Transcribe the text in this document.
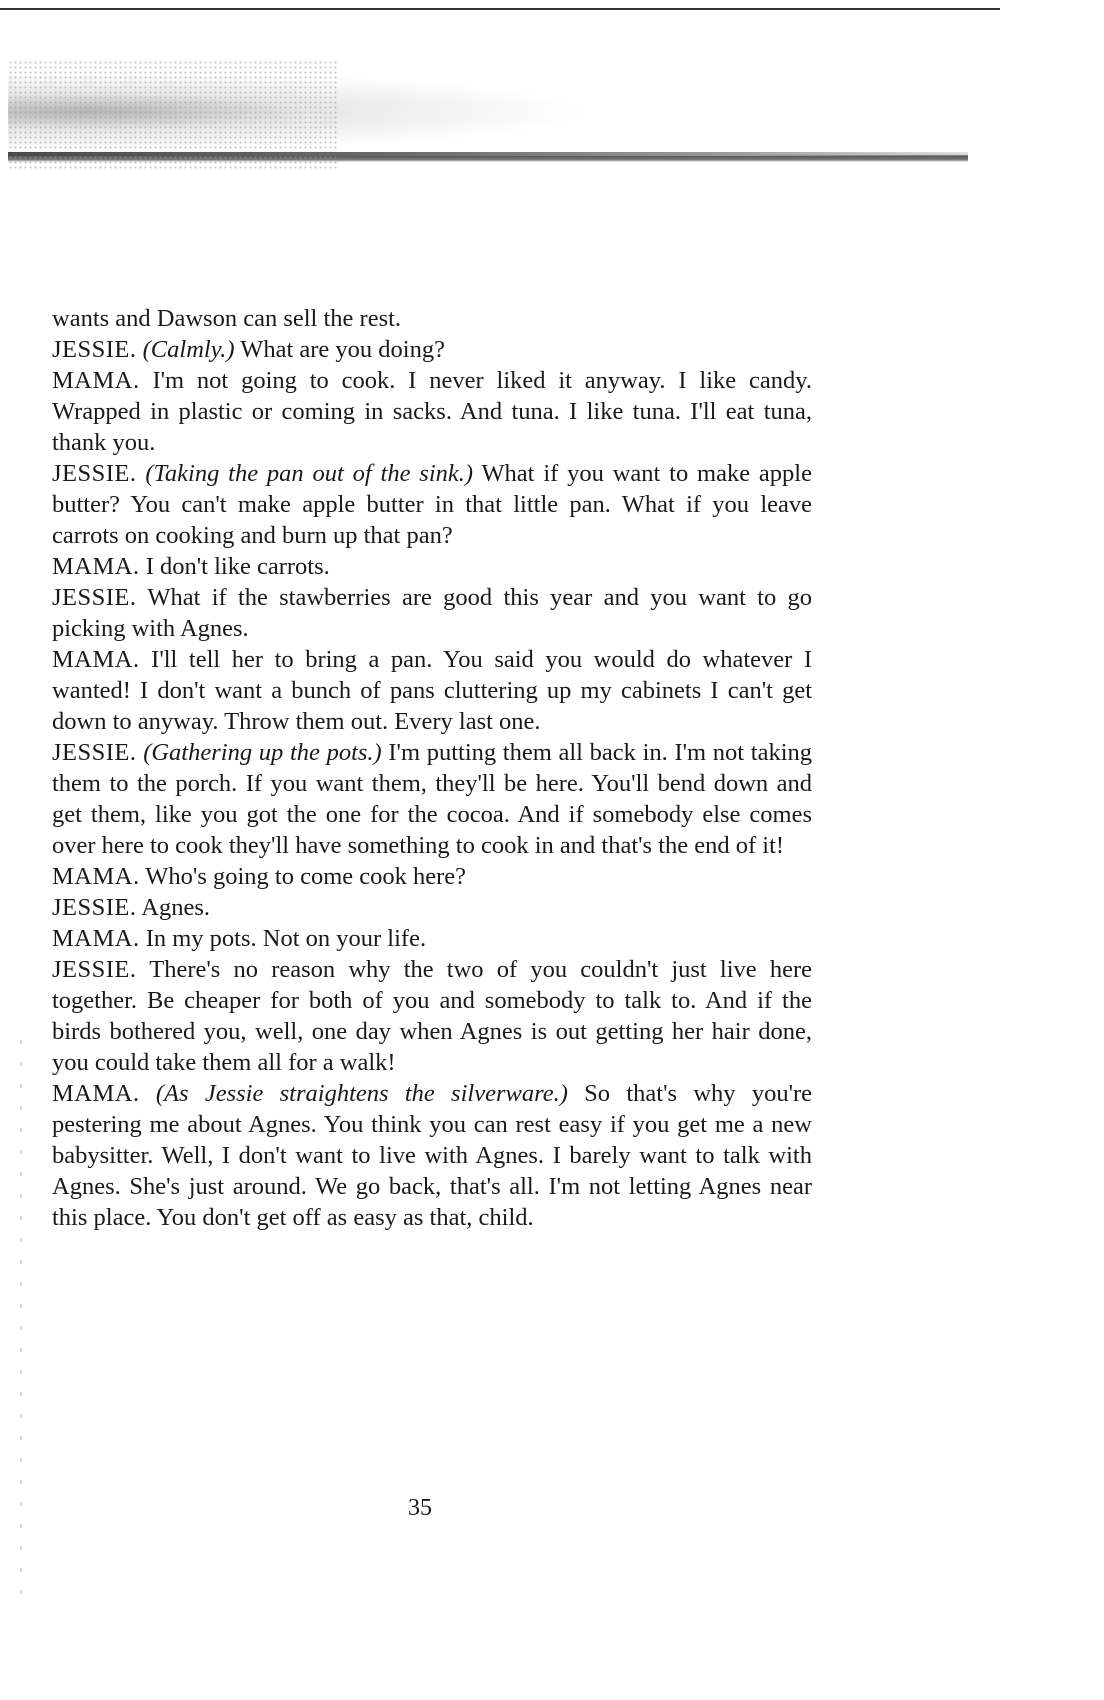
wants and Dawson can sell the rest.

JESSIE. (Calmly.) What are you doing?

MAMA. I'm not going to cook. I never liked it anyway. I like candy. Wrapped in plastic or coming in sacks. And tuna. I like tuna. I'll eat tuna, thank you.

JESSIE. (Taking the pan out of the sink.) What if you want to make apple butter? You can't make apple butter in that little pan. What if you leave carrots on cooking and burn up that pan?

MAMA. I don't like carrots.

JESSIE. What if the stawberries are good this year and you want to go picking with Agnes.

MAMA. I'll tell her to bring a pan. You said you would do whatever I wanted! I don't want a bunch of pans cluttering up my cabinets I can't get down to anyway. Throw them out. Every last one.

JESSIE. (Gathering up the pots.) I'm putting them all back in. I'm not taking them to the porch. If you want them, they'll be here. You'll bend down and get them, like you got the one for the cocoa. And if somebody else comes over here to cook they'll have something to cook in and that's the end of it!

MAMA. Who's going to come cook here?

JESSIE. Agnes.

MAMA. In my pots. Not on your life.

JESSIE. There's no reason why the two of you couldn't just live here together. Be cheaper for both of you and somebody to talk to. And if the birds bothered you, well, one day when Agnes is out getting her hair done, you could take them all for a walk!

MAMA. (As Jessie straightens the silverware.) So that's why you're pestering me about Agnes. You think you can rest easy if you get me a new babysitter. Well, I don't want to live with Agnes. I barely want to talk with Agnes. She's just around. We go back, that's all. I'm not letting Agnes near this place. You don't get off as easy as that, child.

35
